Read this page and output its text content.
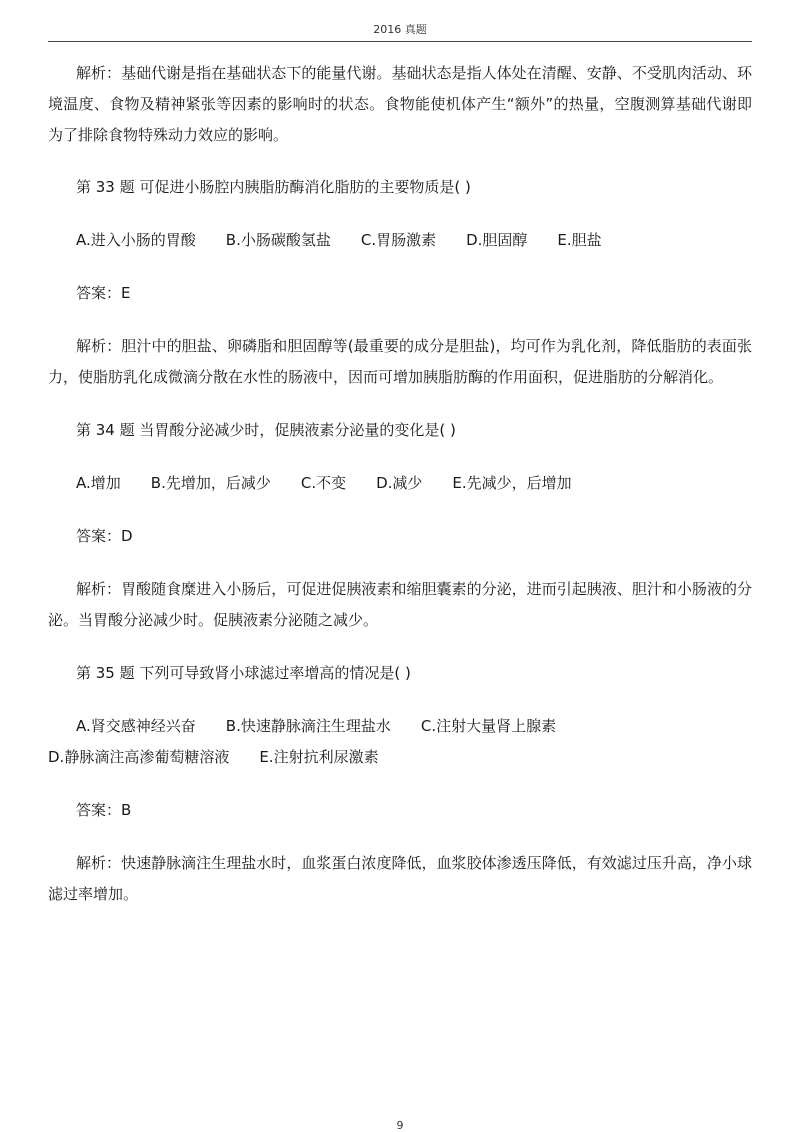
2016 真题

解析：基础代谢是指在基础状态下的能量代谢。基础状态是指人体处在清醒、安静、不受肌肉活动、环境温度、食物及精神紧张等因素的影响时的状态。食物能使机体产生“额外”的热量，空腹测算基础代谢即为了排除食物特殊动力效应的影响。

第 33 题 可促进小肠腔内胰脂肪酶消化脂肪的主要物质是( )

A.进入小肠的胃酸 B.小肠碳酸氢盐 C.胃肠激素 D.胆固醇 E.胆盐

答案：E

解析：胆汁中的胆盐、卵磷脂和胆固醇等(最重要的成分是胆盐)，均可作为乳化剂，降低脂肪的表面张力，使脂肪乳化成微滴分散在水性的肠液中，因而可增加胰脂肪酶的作用面积，促进脂肪的分解消化。

第 34 题 当胃酸分泌减少时，促胰液素分泌量的变化是( )

A.增加 B.先增加，后减少 C.不变 D.减少 E.先减少，后增加

答案：D

解析：胃酸随食糜进入小肠后，可促进促胰液素和缩胆囊素的分泌，进而引起胰液、胆汁和小肠液的分泌。当胃酸分泌减少时。促胰液素分泌随之减少。

第 35 题 下列可导致肾小球滤过率增高的情况是( )

A.肾交感神经兴奋 B.快速静脉滴注生理盐水 C.注射大量肾上腺素D.静脉滴注高渗葡萄糖溶液 E.注射抗利尿激素

答案：B

解析：快速静脉滴注生理盐水时，血浆蛋白浓度降低，血浆胶体渗透压降低，有效滤过压升高，净小球滤过率增加。

9
